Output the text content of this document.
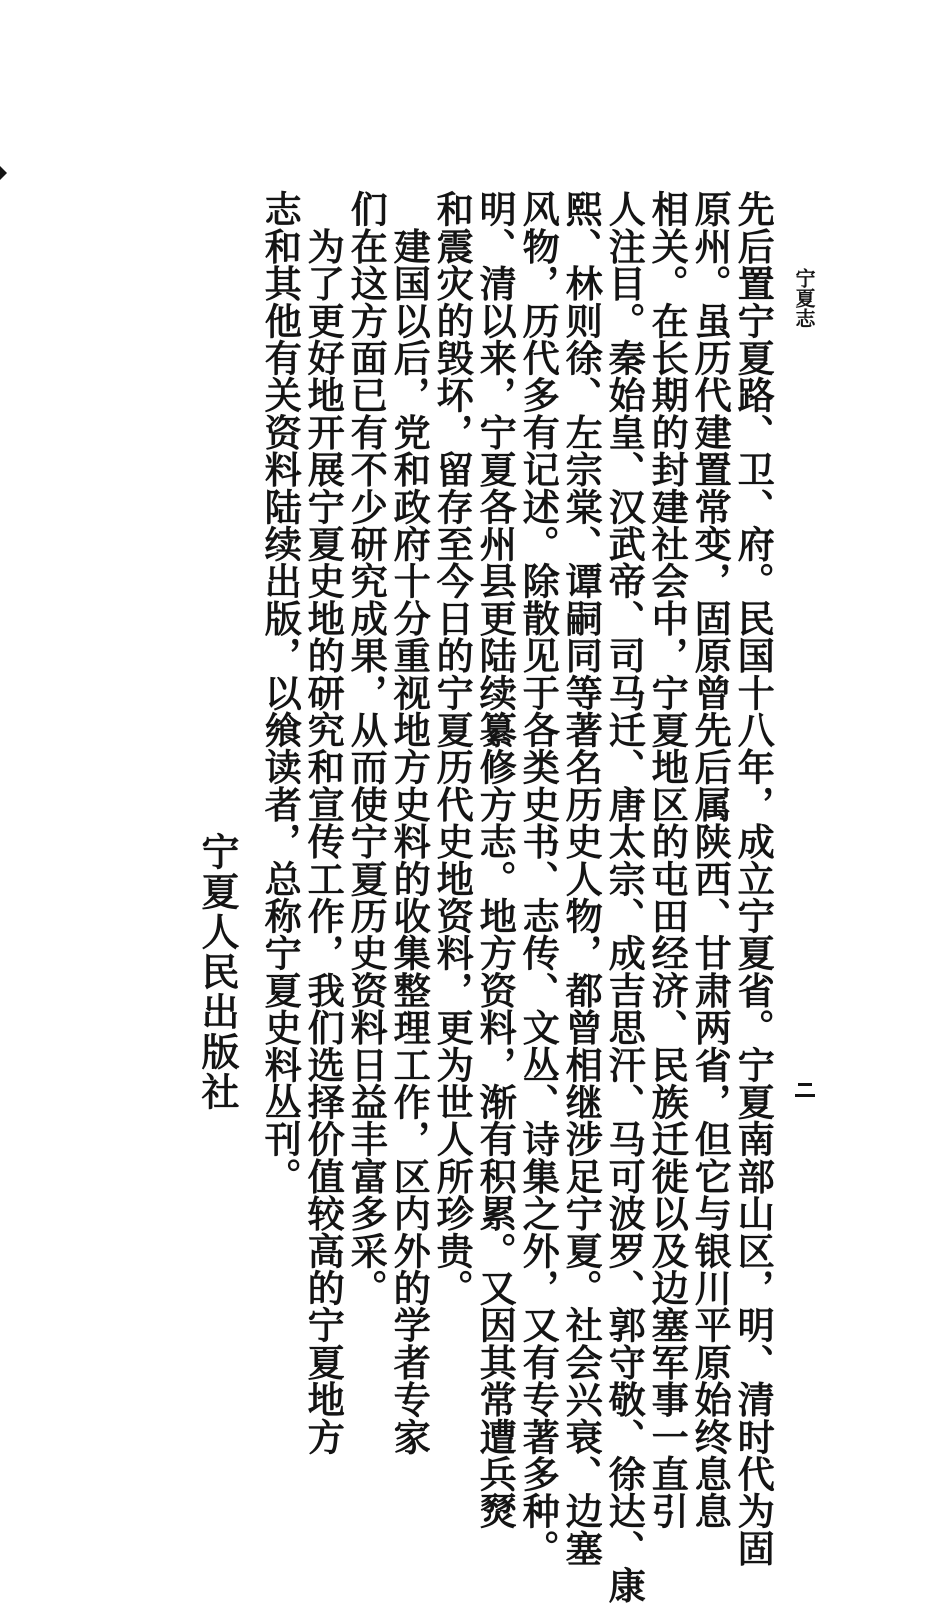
宁夏志
先后置宁夏路、卫、府。民国十八年，成立宁夏省。宁夏南部山区，明、清时代为固
原州。虽历代建置常变，固原曾先后属陕西、甘肃两省，但它与银川平原始终息息
相关。在长期的封建社会中，宁夏地区的屯田经济、民族迁徙以及边塞军事一直引
人注目。秦始皇、汉武帝、司马迁、唐太宗、成吉思汗、马可波罗、郭守敬、徐达、康
熙、林则徐、左宗棠、谭嗣同等著名历史人物，都曾相继涉足宁夏。社会兴衰、边塞
风物，历代多有记述。除散见于各类史书、志传、文丛、诗集之外，又有专著多种。
明、清以来，宁夏各州县更陆续纂修方志。地方资料，渐有积累。又因其常遭兵燹
和震灾的毁坏，留存至今日的宁夏历代史地资料，更为世人所珍贵。
　建国以后，党和政府十分重视地方史料的收集整理工作，区内外的学者专家
们在这方面已有不少研究成果，从而使宁夏历史资料日益丰富多采。
　为了更好地开展宁夏史地的研究和宣传工作，我们选择价值较高的宁夏地方
志和其他有关资料陆续出版，以飨读者，总称宁夏史料丛刊。
宁夏人民出版社
